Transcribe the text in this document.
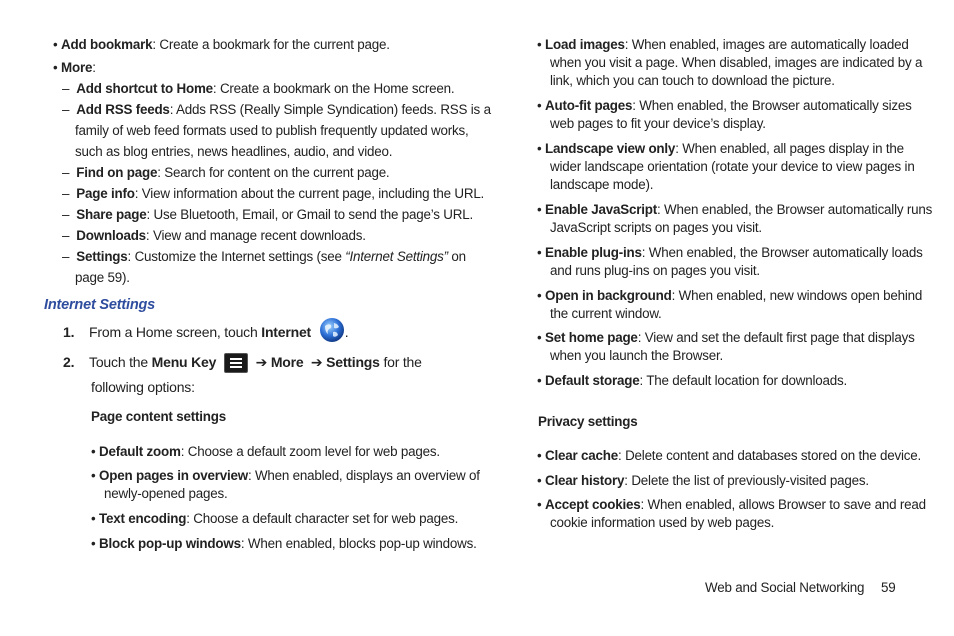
• Add bookmark: Create a bookmark for the current page.
• More:
– Add shortcut to Home: Create a bookmark on the Home screen.
– Add RSS feeds: Adds RSS (Really Simple Syndication) feeds. RSS is a
family of web feed formats used to publish frequently updated works,
such as blog entries, news headlines, audio, and video.
– Find on page: Search for content on the current page.
– Page info: View information about the current page, including the URL.
– Share page: Use Bluetooth, Email, or Gmail to send the page’s URL.
– Downloads: View and manage recent downloads.
– Settings: Customize the Internet settings (see “Internet Settings” on
page 59).
Internet Settings
1. From a Home screen, touch Internet .
2. Touch the Menu Key	➔ More ➔ Settings for the
following options:
Page content settings
• Default zoom: Choose a default zoom level for web pages.
• Open pages in overview: When enabled, displays an overview of
newly-opened pages.
• Text encoding: Choose a default character set for web pages.
• Block pop-up windows: When enabled, blocks pop-up windows.
• Load images: When enabled, images are automatically loaded
when you visit a page. When disabled, images are indicated by a
link, which you can touch to download the picture.
• Auto-fit pages: When enabled, the Browser automatically sizes
web pages to fit your device’s display.
• Landscape view only: When enabled, all pages display in the
wider landscape orientation (rotate your device to view pages in
landscape mode).
• Enable JavaScript: When enabled, the Browser automatically runs
JavaScript scripts on pages you visit.
• Enable plug-ins: When enabled, the Browser automatically loads
and runs plug-ins on pages you visit.
• Open in background: When enabled, new windows open behind
the current window.
• Set home page: View and set the default first page that displays
when you launch the Browser.
• Default storage: The default location for downloads.
Privacy settings
• Clear cache: Delete content and databases stored on the device.
• Clear history: Delete the list of previously-visited pages.
• Accept cookies: When enabled, allows Browser to save and read
cookie information used by web pages.
Web and Social Networking 59
